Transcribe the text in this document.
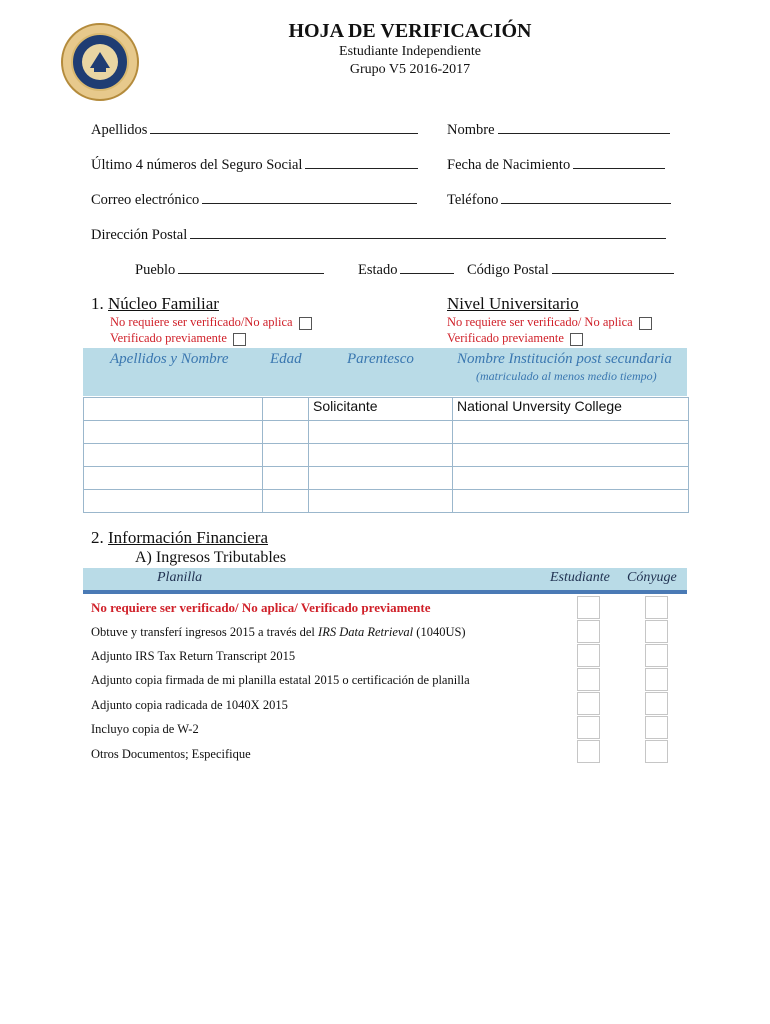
HOJA DE VERIFICACIÓN
Estudiante Independiente
Grupo V5 2016-2017
Apellidos	Nombre
Último 4 números del Seguro Social	Fecha de Nacimiento
Correo electrónico	Teléfono
Dirección Postal
Pueblo	Estado	Código Postal
1. Núcleo Familiar
No requiere ser verificado/No aplica
Verificado previamente
Nivel Universitario
No requiere ser verificado/ No aplica
Verificado previamente
Apellidos y Nombre	Edad	Parentesco	Nombre Institución post secundaria
(matriculado al menos medio tiempo)
		Solicitante	National Unversity College

2. Información Financiera
A) Ingresos Tributables
Planilla	Estudiante Cónyuge
No requiere ser verificado/ No aplica/ Verificado previamente
Obtuve y transferí ingresos 2015 a través del IRS Data Retrieval (1040US)
Adjunto IRS Tax Return Transcript 2015
Adjunto copia firmada de mi planilla estatal 2015 o certificación de planilla
Adjunto copia radicada de 1040X 2015
Incluyo copia de W-2
Otros Documentos; Especifique
